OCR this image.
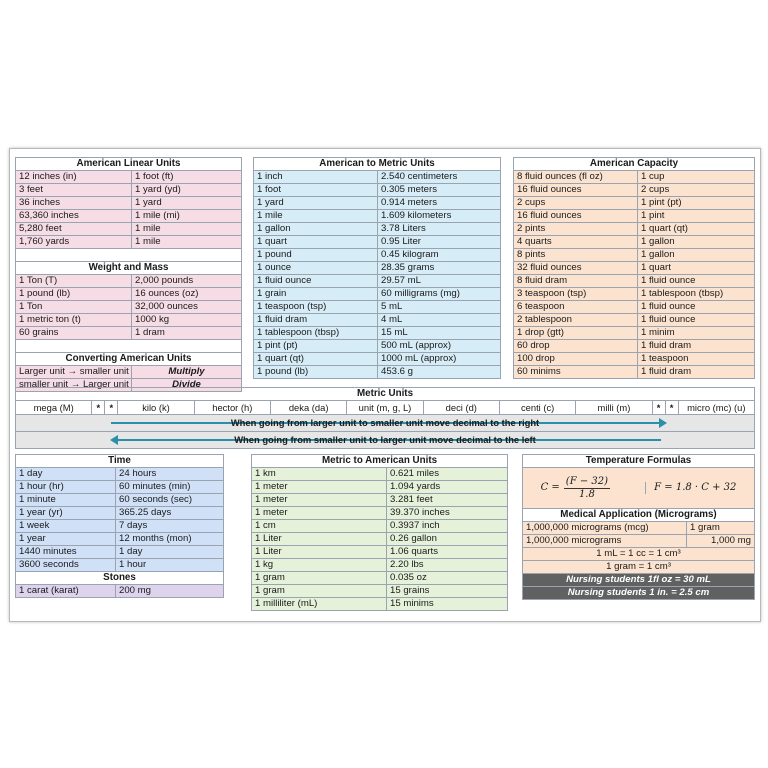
American Linear Units	
12 inches (in)	1 foot (ft)
3 feet	1 yard (yd)
36 inches	1 yard
63,360 inches	1 mile (mi)
5,280 feet	1 mile
1,760 yards	1 mile

Weight and Mass	
1 Ton (T)	2,000 pounds
1 pound (lb)	16 ounces (oz)
1 Ton	32,000 ounces
1 metric ton (t)	1000 kg
60 grains	1 dram

Converting American Units	
Larger unit → smaller unit	Multiply
smaller unit → Larger unit	Divide
American to Metric Units	
1 inch	2.540 centimeters
1 foot	0.305 meters
1 yard	0.914 meters
1 mile	1.609 kilometers
1 gallon	3.78 Liters
1 quart	0.95 Liter
1 pound	0.45 kilogram
1 ounce	28.35 grams
1 fluid ounce	29.57 mL
1 grain	60 milligrams (mg)
1 teaspoon (tsp)	5 mL
1 fluid dram	4 mL
1 tablespoon (tbsp)	15 mL
1 pint (pt)	500 mL (approx)
1 quart (qt)	1000 mL (approx)
1 pound (lb)	453.6 g
American Capacity	
8 fluid ounces (fl oz)	1 cup
16 fluid ounces	2 cups
2 cups	1 pint (pt)
16 fluid ounces	1 pint
2 pints	1 quart (qt)
4 quarts	1 gallon
8 pints	1 gallon
32 fluid ounces	1 quart
8 fluid dram	1 fluid ounce
3 teaspoon (tsp)	1 tablespoon (tbsp)
6 teaspoon	1 fluid ounce
2 tablespoon	1 fluid ounce
1 drop (gtt)	1 minim
60 drop	1 fluid dram
100 drop	1 teaspoon
60 minims	1 fluid dram
Metric Units
mega (M)	* *	kilo (k)	hector (h)	deka (da)	unit (m, g, L)	deci (d)	centi (c)	milli (m)	* *	micro (mc) (u)
When going from larger unit to smaller unit move decimal to the right
When going from smaller unit to larger unit move decimal to the left
Time	
1 day	24 hours
1 hour (hr)	60 minutes (min)
1 minute	60 seconds (sec)
1 year (yr)	365.25 days
1 week	7 days
1 year	12 months (mon)
1440 minutes	1 day
3600 seconds	1 hour
Stones	
1 carat (karat)	200 mg
Metric to American Units	
1 km	0.621 miles
1 meter	1.094 yards
1 meter	3.281 feet
1 meter	39.370 inches
1 cm	0.3937 inch
1 Liter	0.26 gallon
1 Liter	1.06 quarts
1 kg	2.20 lbs
1 gram	0.035 oz
1 gram	15 grains
1 milliliter (mL)	15 minims
Temperature Formulas	

$C = \frac{(F - 32)}{1.8}$ F = 1.8 · C + 32	

Medical Application (Micrograms)	
1,000,000 micrograms (mcg)	1 gram
1,000,000 micrograms	1,000 mg
1 mL = 1 cc = 1 cm³	
1 gram = 1 cm³	
Nursing students 1fl oz = 30 mL	
Nursing students 1 in. = 2.5 cm	
